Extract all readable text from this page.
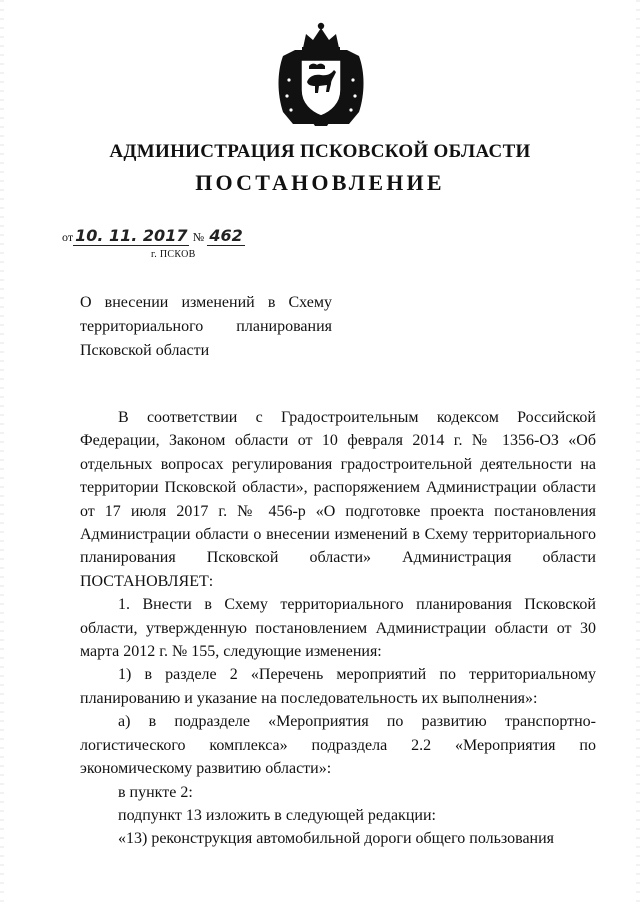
АДМИНИСТРАЦИЯ ПСКОВСКОЙ ОБЛАСТИ
ПОСТАНОВЛЕНИЕ
от 10. 11. 2017 № 462
г. ПСКОВ
О внесении изменений в Схему
территориального планирования
Псковской области

В соответствии с Градостроительным кодексом Российской Федерации, Законом области от 10 февраля 2014 г. № 1356-ОЗ «Об отдельных вопросах регулирования градостроительной деятельности на территории Псковской области», распоряжением Администрации области от 17 июля 2017 г. № 456-р «О подготовке проекта постановления Администрации области о внесении изменений в Схему территориального планирования Псковской области» Администрация области ПОСТАНОВЛЯЕТ:

1. Внести в Схему территориального планирования Псковской области, утвержденную постановлением Администрации области от 30 марта 2012 г. № 155, следующие изменения:

1) в разделе 2 «Перечень мероприятий по территориальному планированию и указание на последовательность их выполнения»:

а) в подразделе «Мероприятия по развитию транспортно-логистического комплекса» подраздела 2.2 «Мероприятия по экономическому развитию области»:

в пункте 2:

подпункт 13 изложить в следующей редакции:

«13) реконструкция автомобильной дороги общего пользования
